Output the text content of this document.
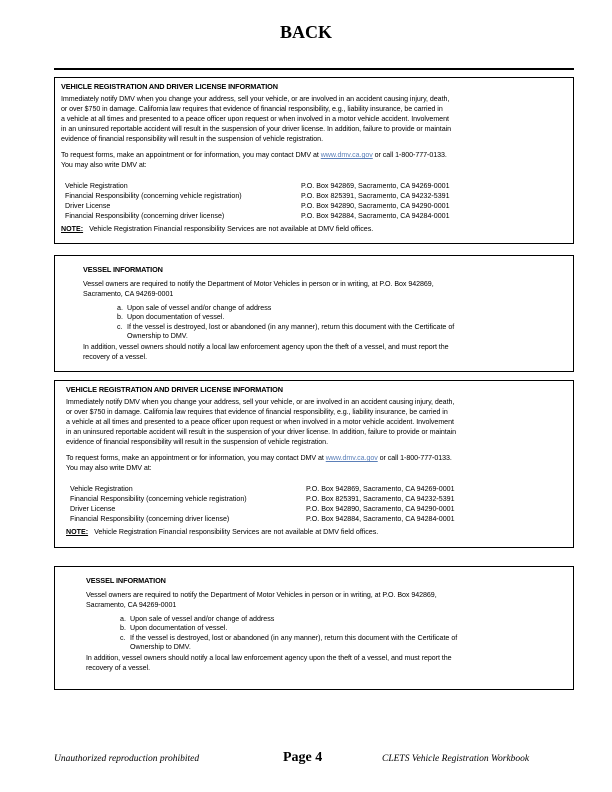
BACK
VEHICLE REGISTRATION AND DRIVER LICENSE INFORMATION
Immediately notify DMV when you change your address, sell your vehicle, or are involved in an accident causing injury, death,
or over $750 in damage. California law requires that evidence of financial responsibility, e.g., liability insurance, be carried in
a vehicle at all times and presented to a peace officer upon request or when involved in a motor vehicle accident. Involvement
in an uninsured reportable accident will result in the suspension of your driver license. In addition, failure to provide or maintain
evidence of financial responsibility will result in the suspension of vehicle registration.
To request forms, make an appointment or for information, you may contact DMV at www.dmv.ca.gov or call 1-800-777-0133.
You may also write DMV at:
Vehicle Registration	P.O. Box 942869, Sacramento, CA 94269-0001
Financial Responsibility (concerning vehicle registration)	P.O. Box 825391, Sacramento, CA 94232-5391
Driver License	P.O. Box 942890, Sacramento, CA 94290-0001
Financial Responsibility (concerning driver license)	P.O. Box 942884, Sacramento, CA 94284-0001
NOTE: Vehicle Registration Financial responsibility Services are not available at DMV field offices.
VESSEL INFORMATION
Vessel owners are required to notify the Department of Motor Vehicles in person or in writing, at P.O. Box 942869,
Sacramento, CA 94269-0001
a. Upon sale of vessel and/or change of address
b. Upon documentation of vessel.
c. If the vessel is destroyed, lost or abandoned (in any manner), return this document with the Certificate of
Ownership to DMV.
In addition, vessel owners should notify a local law enforcement agency upon the theft of a vessel, and must report the
recovery of a vessel.
VEHICLE REGISTRATION AND DRIVER LICENSE INFORMATION
Immediately notify DMV when you change your address, sell your vehicle, or are involved in an accident causing injury, death,
or over $750 in damage. California law requires that evidence of financial responsibility, e.g., liability insurance, be carried in
a vehicle at all times and presented to a peace officer upon request or when involved in a motor vehicle accident. Involvement
in an uninsured reportable accident will result in the suspension of your driver license. In addition, failure to provide or maintain
evidence of financial responsibility will result in the suspension of vehicle registration.
To request forms, make an appointment or for information, you may contact DMV at www.dmv.ca.gov or call 1-800-777-0133.
You may also write DMV at:
Vehicle Registration	P.O. Box 942869, Sacramento, CA 94269-0001
Financial Responsibility (concerning vehicle registration)	P.O. Box 825391, Sacramento, CA 94232-5391
Driver License	P.O. Box 942890, Sacramento, CA 94290-0001
Financial Responsibility (concerning driver license)	P.O. Box 942884, Sacramento, CA 94284-0001
NOTE: Vehicle Registration Financial responsibility Services are not available at DMV field offices.
VESSEL INFORMATION
Vessel owners are required to notify the Department of Motor Vehicles in person or in writing, at P.O. Box 942869,
Sacramento, CA 94269-0001
a. Upon sale of vessel and/or change of address
b. Upon documentation of vessel.
c. If the vessel is destroyed, lost or abandoned (in any manner), return this document with the Certificate of
Ownership to DMV.
In addition, vessel owners should notify a local law enforcement agency upon the theft of a vessel, and must report the
recovery of a vessel.
Unauthorized reproduction prohibited	Page 4	CLETS Vehicle Registration Workbook
